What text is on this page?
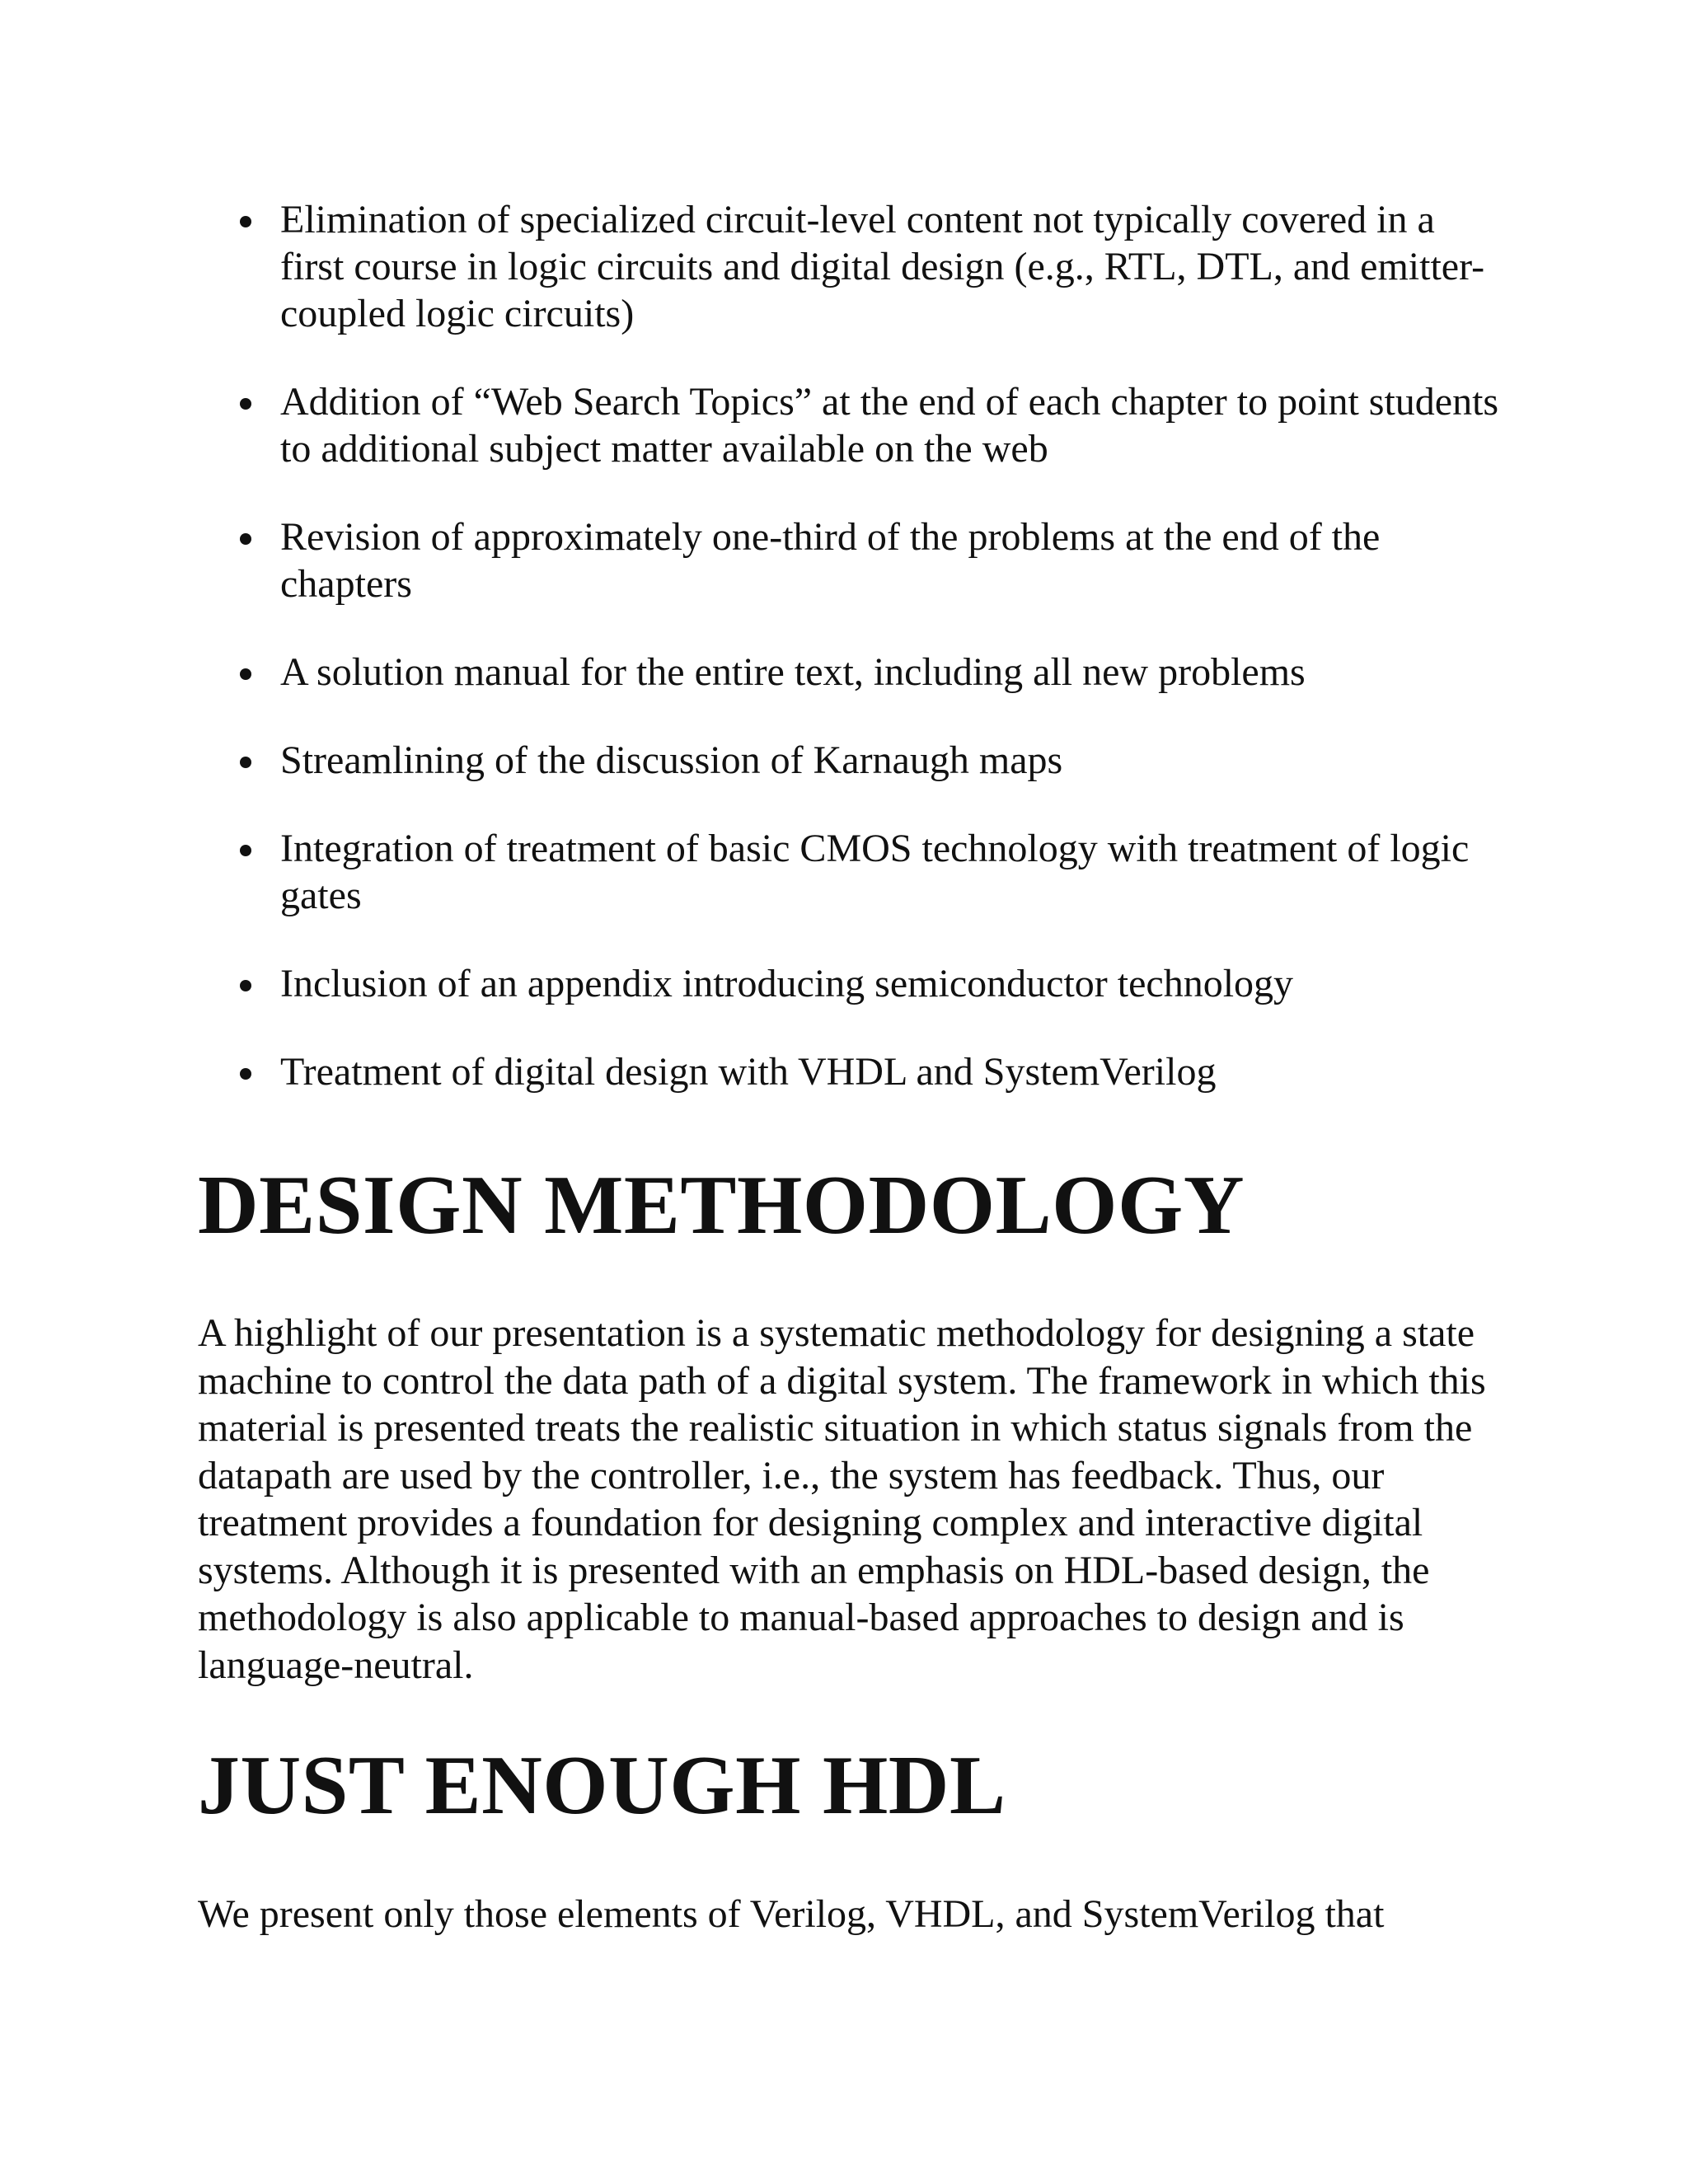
Elimination of specialized circuit-level content not typically covered in a first course in logic circuits and digital design (e.g., RTL, DTL, and emitter-coupled logic circuits)
Addition of “Web Search Topics” at the end of each chapter to point students to additional subject matter available on the web
Revision of approximately one-third of the problems at the end of the chapters
A solution manual for the entire text, including all new problems
Streamlining of the discussion of Karnaugh maps
Integration of treatment of basic CMOS technology with treatment of logic gates
Inclusion of an appendix introducing semiconductor technology
Treatment of digital design with VHDL and SystemVerilog
DESIGN METHODOLOGY

A highlight of our presentation is a systematic methodology for designing a state machine to control the data path of a digital system. The framework in which this material is presented treats the realistic situation in which status signals from the datapath are used by the controller, i.e., the system has feedback. Thus, our treatment provides a foundation for designing complex and interactive digital systems. Although it is presented with an emphasis on HDL-based design, the methodology is also applicable to manual-based approaches to design and is language-neutral.

JUST ENOUGH HDL

We present only those elements of Verilog, VHDL, and SystemVerilog that
